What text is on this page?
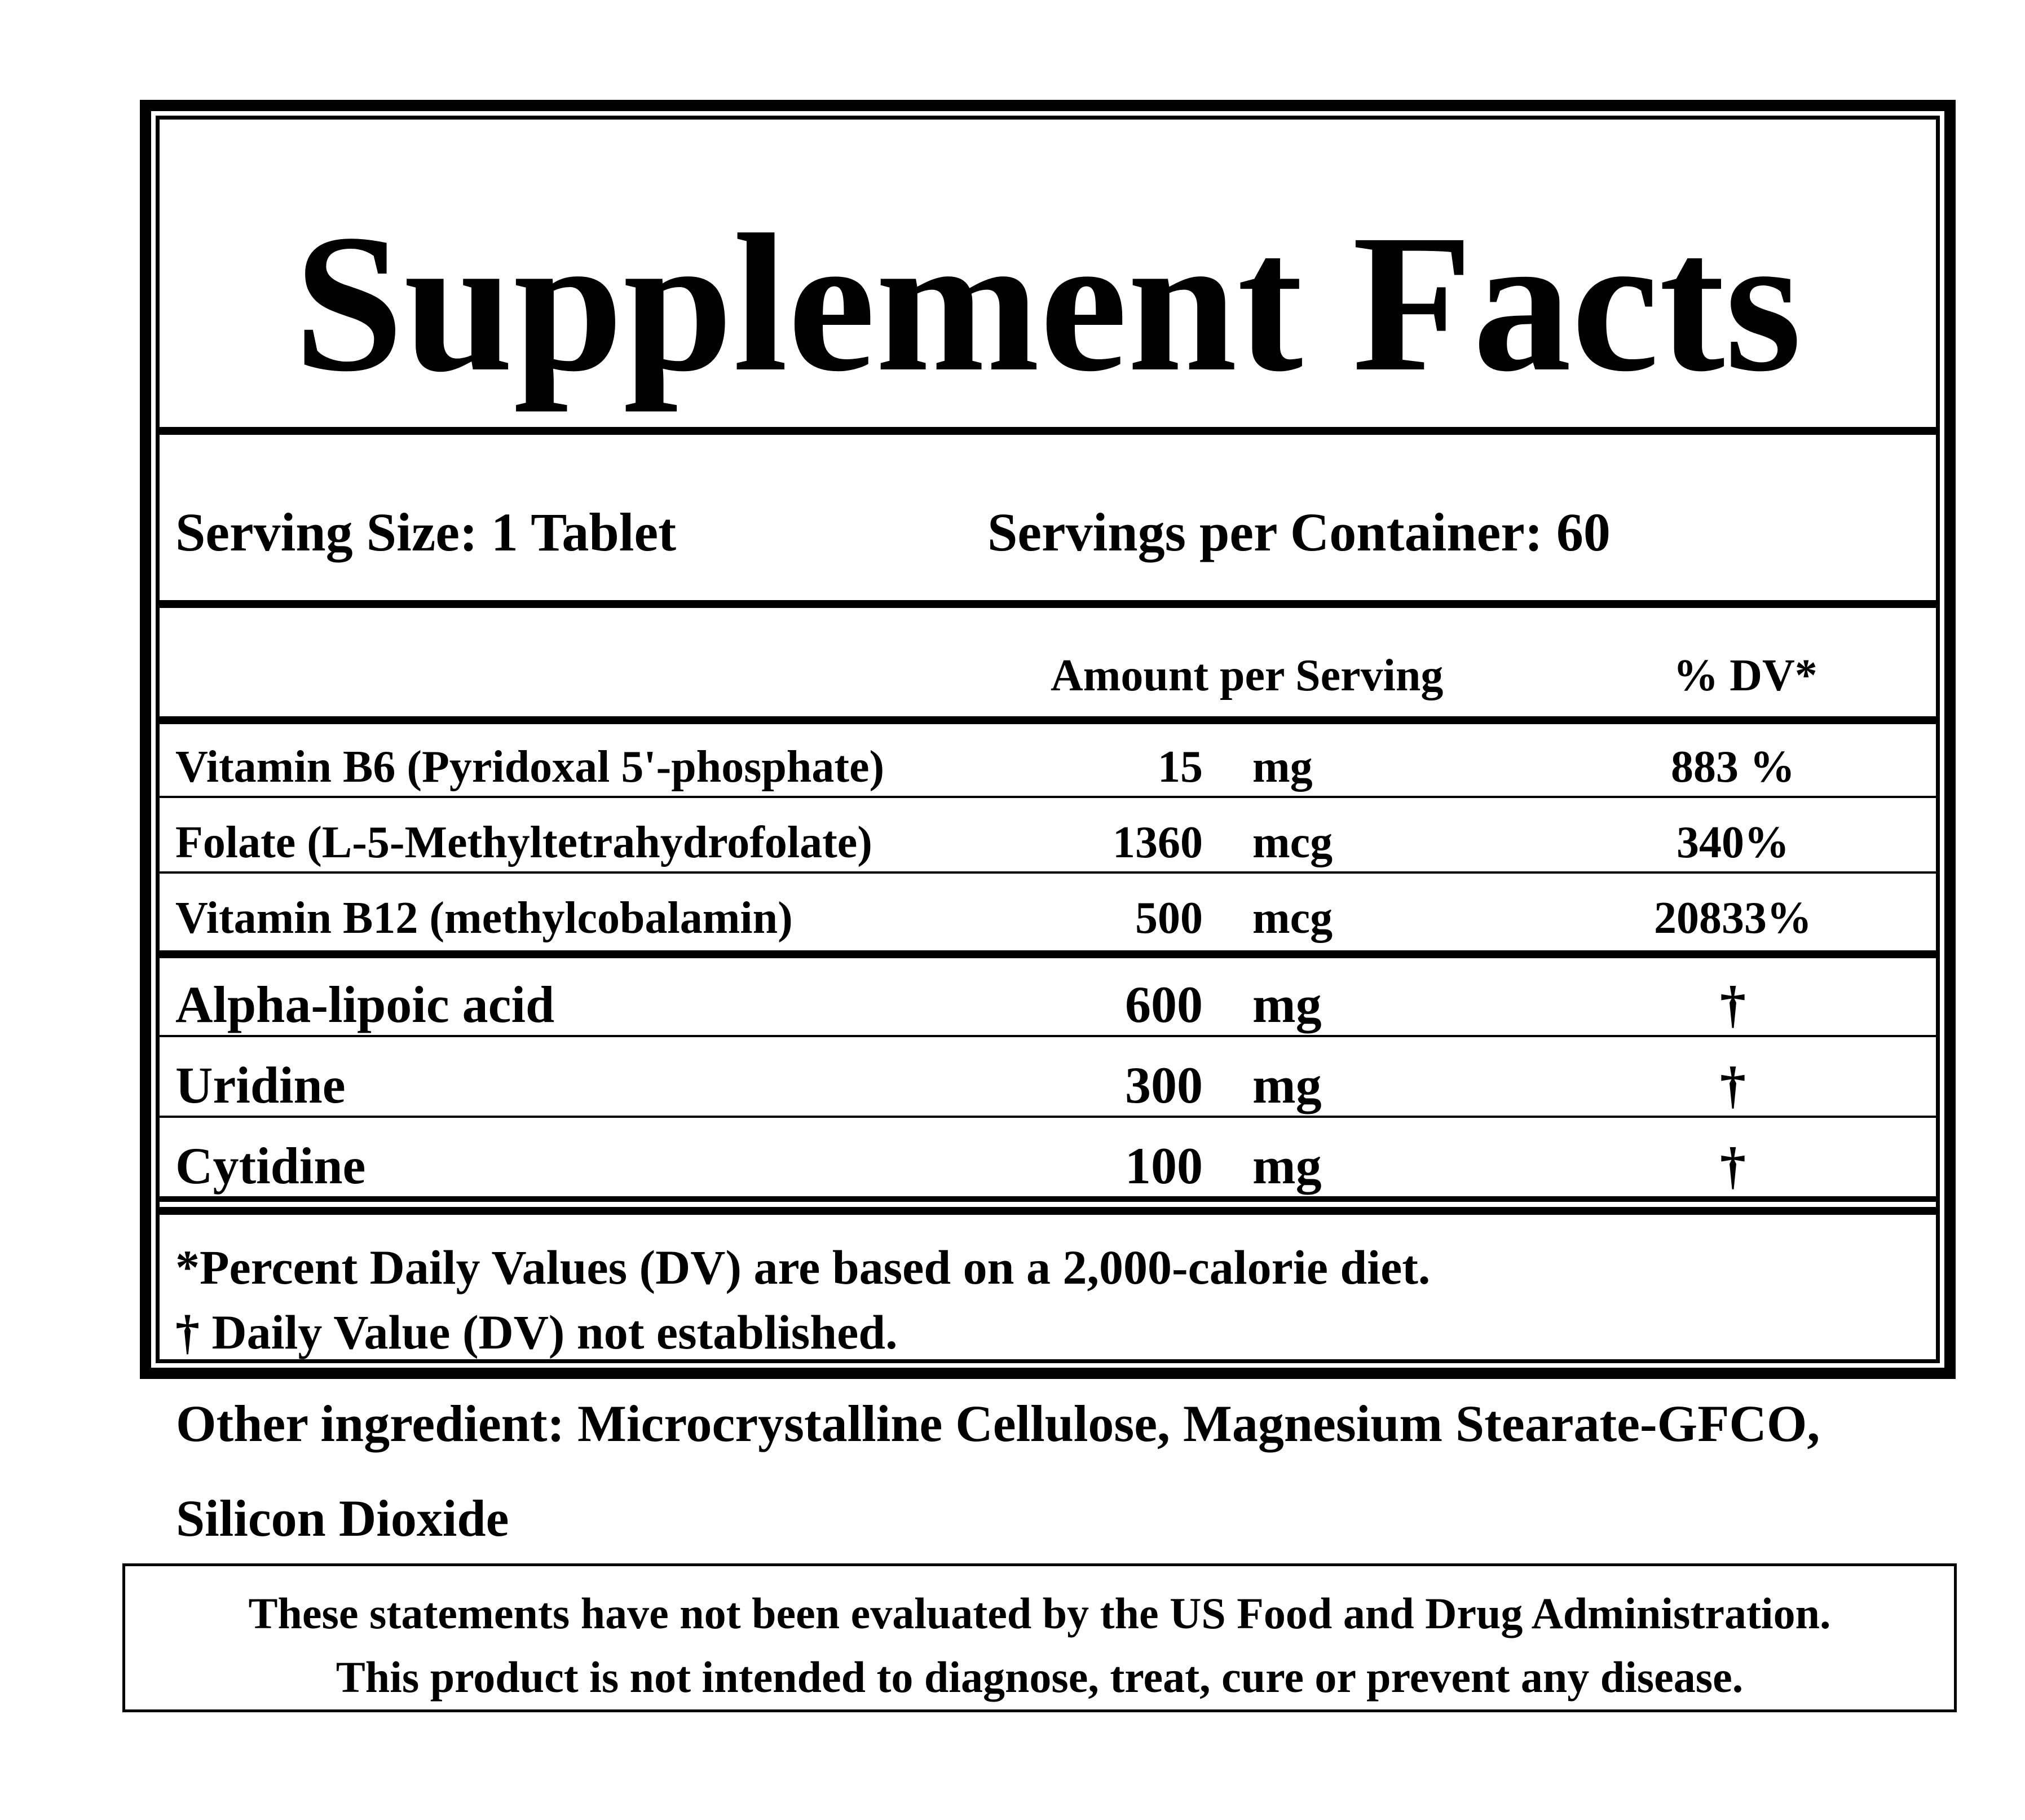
Supplement Facts
Serving Size: 1 Tablet	Servings per Container: 60
Amount per Serving	% DV*
Vitamin B6 (Pyridoxal 5'-phosphate)	15 mg	883 %
Folate (L-5-Methyltetrahydrofolate)	1360 mcg	340%
Vitamin B12 (methylcobalamin)	500 mcg	20833%
Alpha-lipoic acid	600 mg	†
Uridine	300 mg	†
Cytidine	100 mg	†
*Percent Daily Values (DV) are based on a 2,000-calorie diet.
† Daily Value (DV) not established.
Other ingredient: Microcrystalline Cellulose, Magnesium Stearate-GFCO,
Silicon Dioxide
These statements have not been evaluated by the US Food and Drug Administration.
This product is not intended to diagnose, treat, cure or prevent any disease.
